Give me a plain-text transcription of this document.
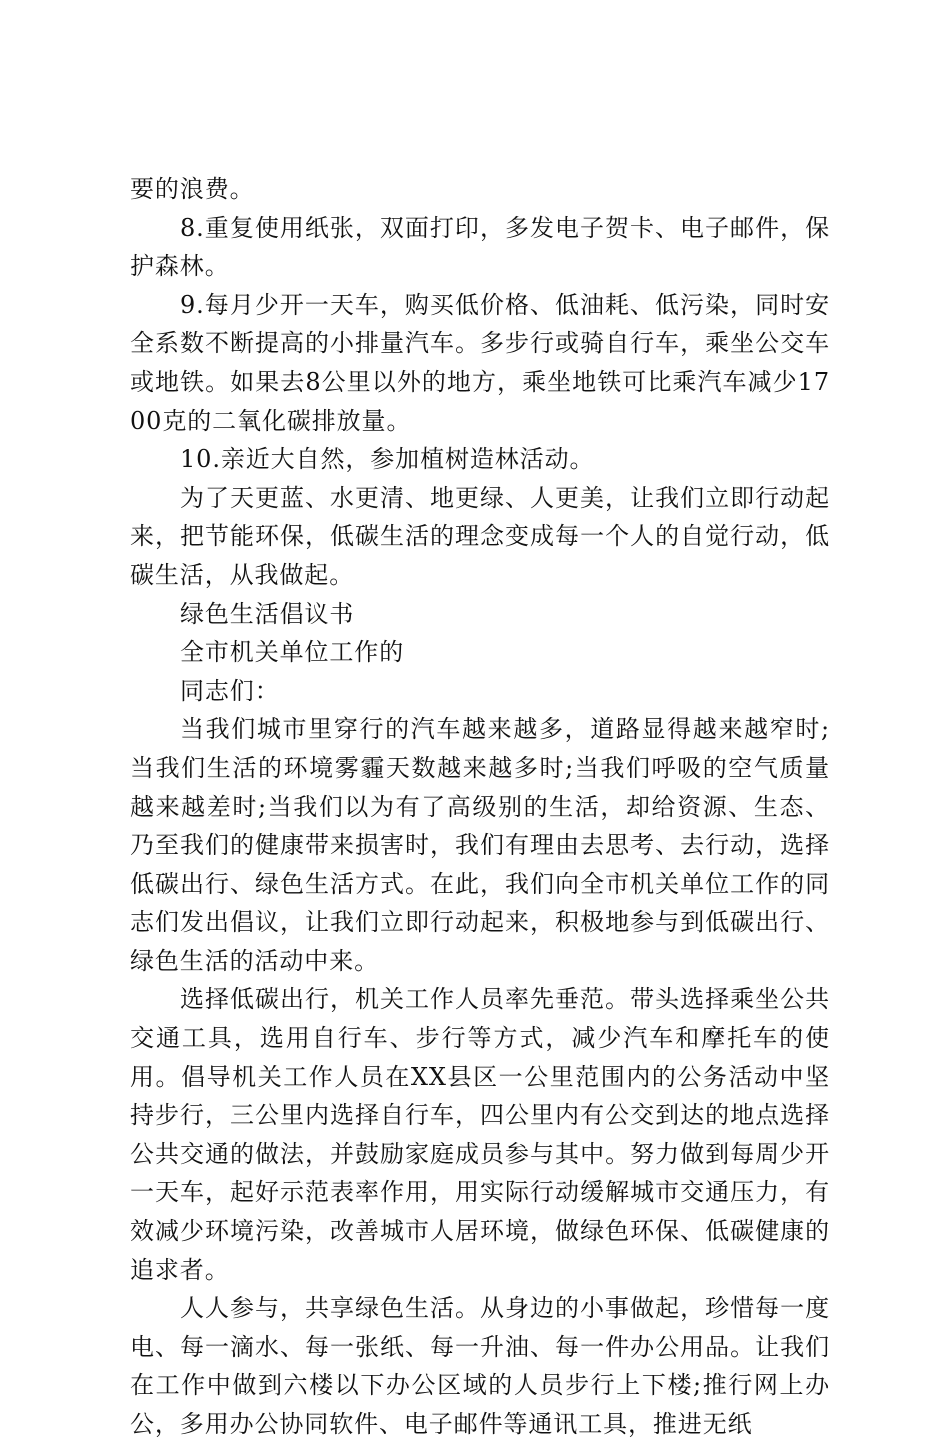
要的浪费。

8.重复使用纸张，双面打印，多发电子贺卡、电子邮件，保护森林。

9.每月少开一天车，购买低价格、低油耗、低污染，同时安全系数不断提高的小排量汽车。多步行或骑自行车，乘坐公交车或地铁。如果去8公里以外的地方，乘坐地铁可比乘汽车减少1700克的二氧化碳排放量。

10.亲近大自然，参加植树造林活动。

为了天更蓝、水更清、地更绿、人更美，让我们立即行动起来，把节能环保，低碳生活的理念变成每一个人的自觉行动，低碳生活，从我做起。

绿色生活倡议书

全市机关单位工作的

同志们：

当我们城市里穿行的汽车越来越多，道路显得越来越窄时;当我们生活的环境雾霾天数越来越多时;当我们呼吸的空气质量越来越差时;当我们以为有了高级别的生活，却给资源、生态、乃至我们的健康带来损害时，我们有理由去思考、去行动，选择低碳出行、绿色生活方式。在此，我们向全市机关单位工作的同志们发出倡议，让我们立即行动起来，积极地参与到低碳出行、绿色生活的活动中来。

选择低碳出行，机关工作人员率先垂范。带头选择乘坐公共交通工具，选用自行车、步行等方式，减少汽车和摩托车的使用。倡导机关工作人员在XX县区一公里范围内的公务活动中坚持步行，三公里内选择自行车，四公里内有公交到达的地点选择公共交通的做法，并鼓励家庭成员参与其中。努力做到每周少开一天车，起好示范表率作用，用实际行动缓解城市交通压力，有效减少环境污染，改善城市人居环境，做绿色环保、低碳健康的追求者。

人人参与，共享绿色生活。从身边的小事做起，珍惜每一度电、每一滴水、每一张纸、每一升油、每一件办公用品。让我们在工作中做到六楼以下办公区域的人员步行上下楼;推行网上办公，多用办公协同软件、电子邮件等通讯工具，推进无纸
